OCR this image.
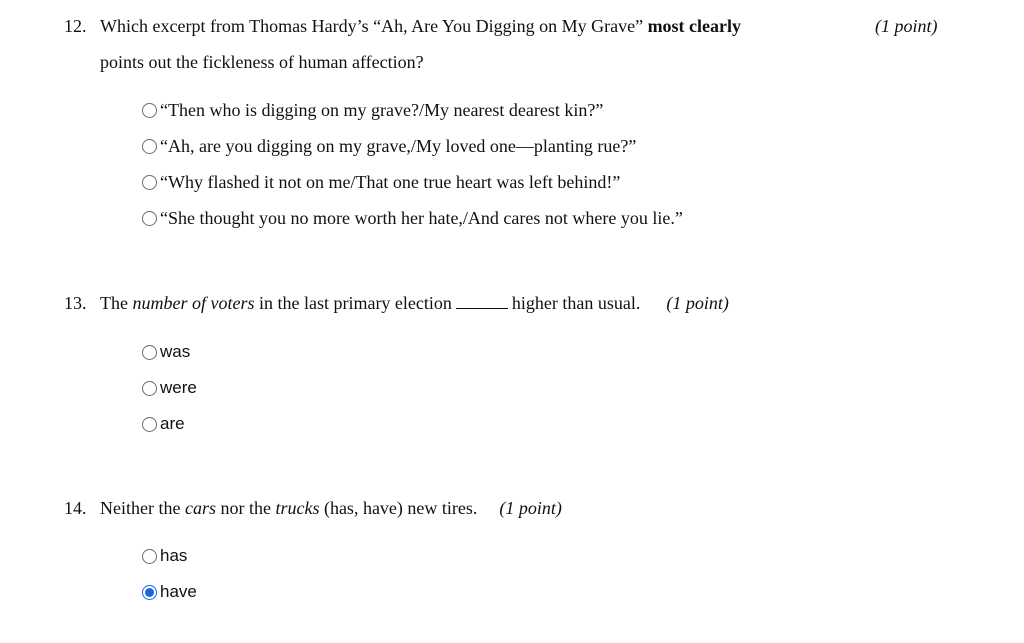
12. Which excerpt from Thomas Hardy’s “Ah, Are You Digging on My Grave” most clearly	(1 point)
points out the fickleness of human affection?
“Then who is digging on my grave?/My nearest dearest kin?”
“Ah, are you digging on my grave,/My loved one—planting rue?”
“Why flashed it not on me/That one true heart was left behind!”
“She thought you no more worth her hate,/And cares not where you lie.”
13. The number of voters in the last primary election	higher than usual. (1 point)
was
were
are
14. Neither the cars nor the trucks (has, have) new tires. (1 point)
has
have
